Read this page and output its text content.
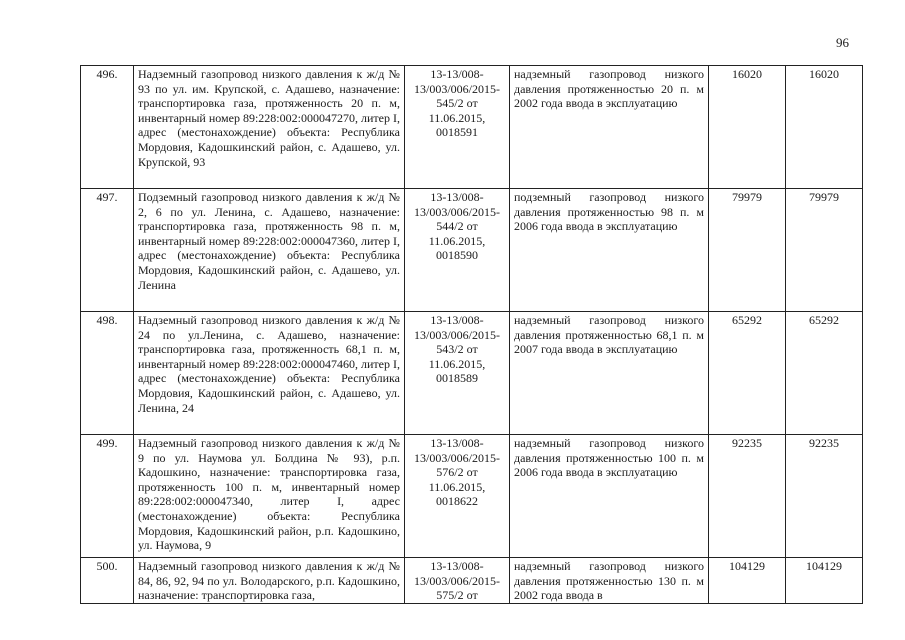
96
496.	Надземный газопровод низкого давления к ж/д № 93 по ул. им. Крупской, с. Адашево, назначение: транспортировка газа, протяженность 20 п. м, инвентарный номер 89:228:002:000047270, литер I, адрес (местонахождение) объекта: Республика Мордовия, Кадошкинский район, с. Адашево, ул. Крупской, 93	13-13/008-13/003/006/2015-545/2 от 11.06.2015, 0018591	надземный газопровод низкого давления протяженностью 20 п. м 2002 года ввода в эксплуатацию	16020	16020
497.	Подземный газопровод низкого давления к ж/д № 2, 6 по ул. Ленина, с. Адашево, назначение: транспортировка газа, протяженность 98 п. м, инвентарный номер 89:228:002:000047360, литер I, адрес (местонахождение) объекта: Республика Мордовия, Кадошкинский район, с. Адашево, ул. Ленина	13-13/008-13/003/006/2015-544/2 от 11.06.2015, 0018590	подземный газопровод низкого давления протяженностью 98 п. м 2006 года ввода в эксплуатацию	79979	79979
498.	Надземный газопровод низкого давления к ж/д № 24 по ул.Ленина, с. Адашево, назначение: транспортировка газа, протяженность 68,1 п. м, инвентарный номер 89:228:002:000047460, литер I, адрес (местонахождение) объекта: Республика Мордовия, Кадошкинский район, с. Адашево, ул. Ленина, 24	13-13/008-13/003/006/2015-543/2 от 11.06.2015, 0018589	надземный газопровод низкого давления протяженностью 68,1 п. м 2007 года ввода в эксплуатацию	65292	65292
499.	Надземный газопровод низкого давления к ж/д № 9 по ул. Наумова ул. Болдина № 93), р.п. Кадошкино, назначение: транспортировка газа, протяженность 100 п. м, инвентарный номер 89:228:002:000047340, литер I, адрес (местонахождение) объекта: Республика Мордовия, Кадошкинский район, р.п. Кадошкино, ул. Наумова, 9	13-13/008-13/003/006/2015-576/2 от 11.06.2015, 0018622	надземный газопровод низкого давления протяженностью 100 п. м 2006 года ввода в эксплуатацию	92235	92235
500.	Надземный газопровод низкого давления к ж/д № 84, 86, 92, 94 по ул. Володарского, р.п. Кадошкино, назначение: транспортировка газа,	13-13/008-13/003/006/2015-575/2 от	надземный газопровод низкого давления протяженностью 130 п. м 2002 года ввода в	104129	104129
